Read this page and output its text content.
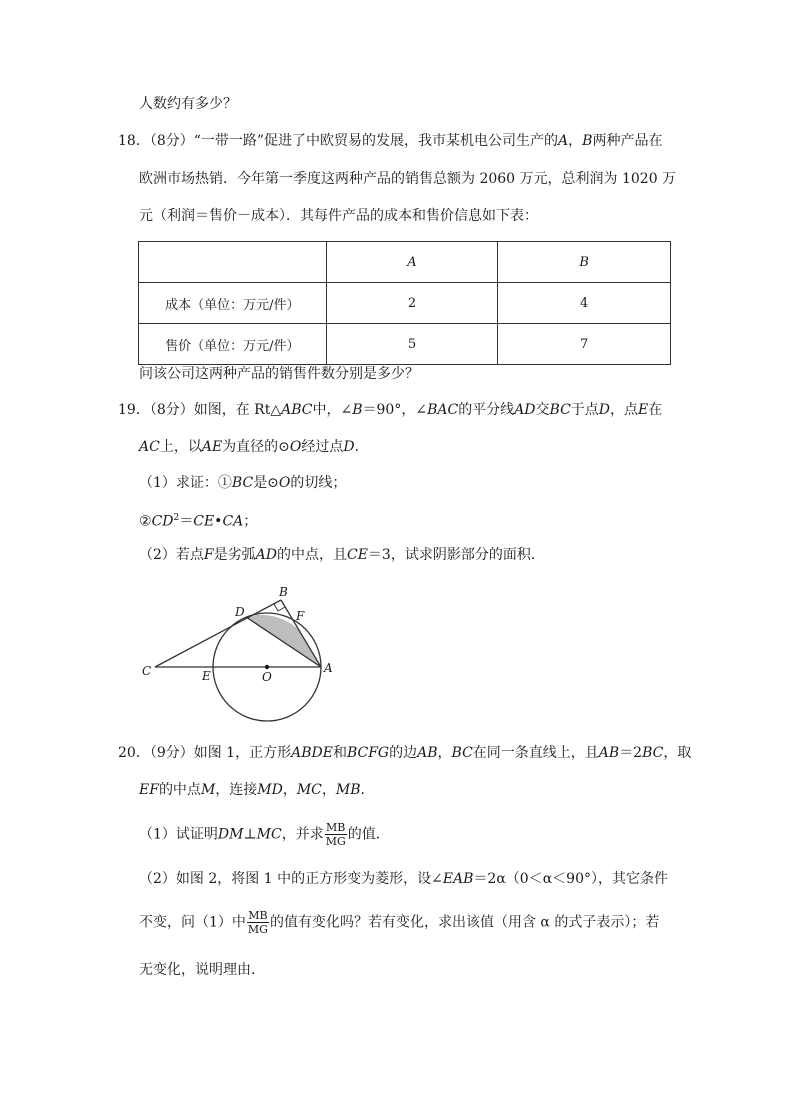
人数约有多少？
18．（8分）“一带一路”促进了中欧贸易的发展，我市某机电公司生产的A，B两种产品在
欧洲市场热销．今年第一季度这两种产品的销售总额为 2060 万元，总利润为 1020 万
元（利润＝售价－成本）．其每件产品的成本和售价信息如下表：
	A	B
成本（单位：万元/件）	2	4
售价（单位：万元/件）	5	7
问该公司这两种产品的销售件数分别是多少？
19．（8分）如图，在 Rt△ABC中，∠B＝90°，∠BAC的平分线AD交BC于点D，点E在
AC上，以AE为直径的⊙O经过点D．
（1）求证：①BC是⊙O的切线；
$②CD^2=CE•CA$；
（2）若点F是劣弧AD的中点，且CE＝3，试求阴影部分的面积．
B
D	F
C	E	O
A
20．（9分）如图 1，正方形ABDE和BCFG的边AB，BC在同一条直线上，且AB＝2BC，取
EF的中点M，连接MD，MC，MB．
（1）试证明DM⊥MC，并求 $\frac{MB}{MG}$ 的值．
（2）如图 2，将图 1 中的正方形变为菱形，设∠EAB＝2α（0＜α＜90°），其它条件
不变，问（1）中 $\frac{MB}{MG}$ 的值有变化吗？若有变化，求出该值（用含 α 的式子表示）；若
无变化，说明理由．
